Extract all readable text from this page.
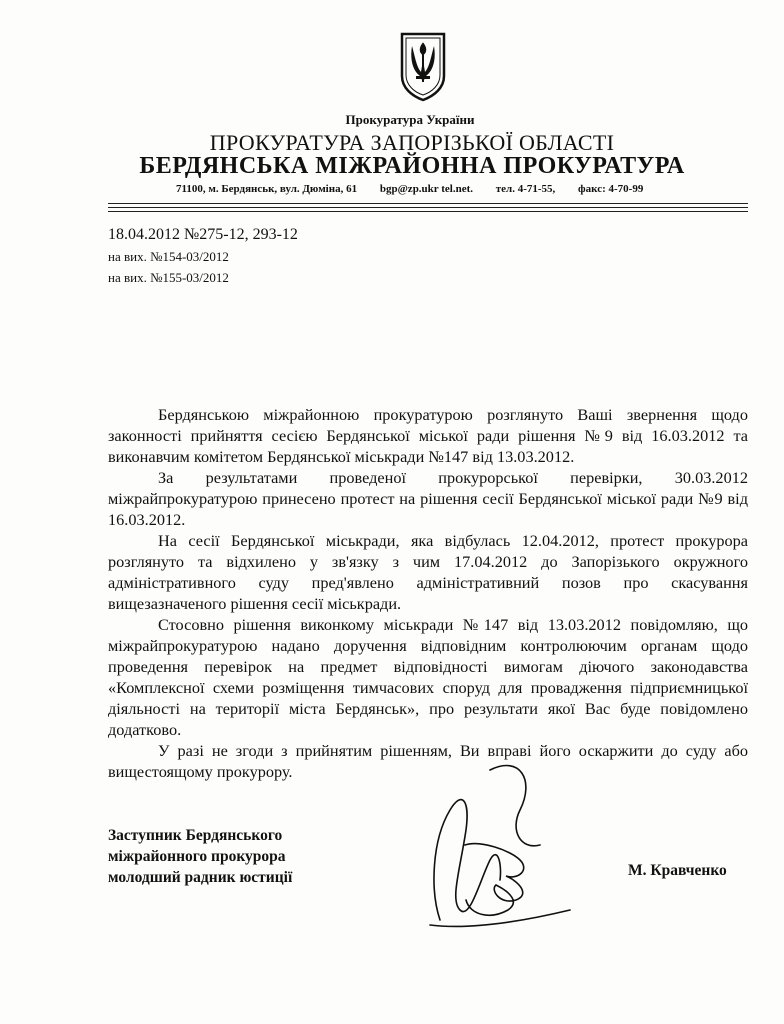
Прокуратура України
ПРОКУРАТУРА ЗАПОРІЗЬКОЇ ОБЛАСТІ
БЕРДЯНСЬКА МІЖРАЙОННА ПРОКУРАТУРА
71100, м. Бердянськ, вул. Дюміна, 61 bgp@zp.ukr tel.net. тел. 4-71-55, факс: 4-70-99
18.04.2012 №275-12, 293-12
на вих. №154-03/2012
на вих. №155-03/2012

Бердянською міжрайонною прокуратурою розглянуто Ваші звернення щодо законності прийняття сесією Бердянської міської ради рішення №9 від 16.03.2012 та виконавчим комітетом Бердянської міськради №147 від 13.03.2012.

За результатами проведеної прокурорської перевірки, 30.03.2012 міжрайпрокуратурою принесено протест на рішення сесії Бердянської міської ради №9 від 16.03.2012.

На сесії Бердянської міськради, яка відбулась 12.04.2012, протест прокурора розглянуто та відхилено у зв'язку з чим 17.04.2012 до Запорізького окружного адміністративного суду пред'явлено адміністративний позов про скасування вищезазначеного рішення сесії міськради.

Стосовно рішення виконкому міськради №147 від 13.03.2012 повідомляю, що міжрайпрокуратурою надано доручення відповідним контролюючим органам щодо проведення перевірок на предмет відповідності вимогам діючого законодавства «Комплексної схеми розміщення тимчасових споруд для провадження підприємницької діяльності на території міста Бердянськ», про результати якої Вас буде повідомлено додатково.

У разі не згоди з прийнятим рішенням, Ви вправі його оскаржити до суду або вищестоящому прокурору.

Заступник Бердянського
міжрайонного прокурора
молодший радник юстиції	М. Кравченко
